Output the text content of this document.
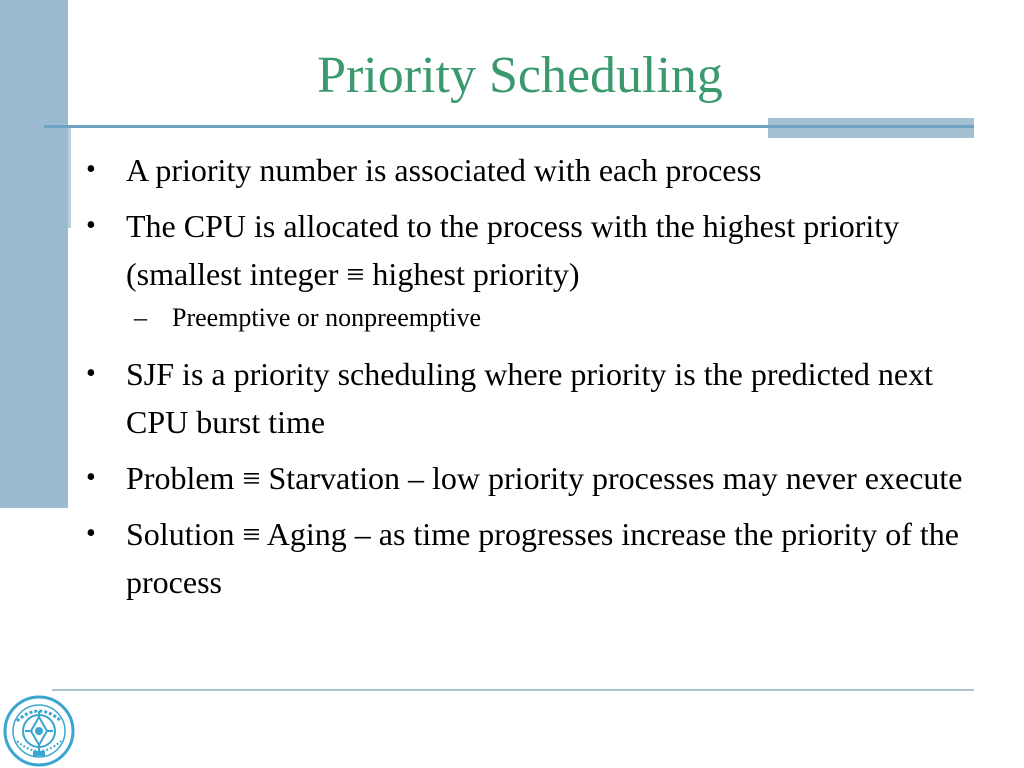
Priority Scheduling
• A priority number is associated with each process
• The CPU is allocated to the process with the highest priority (smallest integer ≡ highest priority)
– Preemptive or nonpreemptive
• SJF is a priority scheduling where priority is the predicted next CPU burst time
• Problem ≡ Starvation – low priority processes may never execute
• Solution ≡ Aging – as time progresses increase the priority of the process
